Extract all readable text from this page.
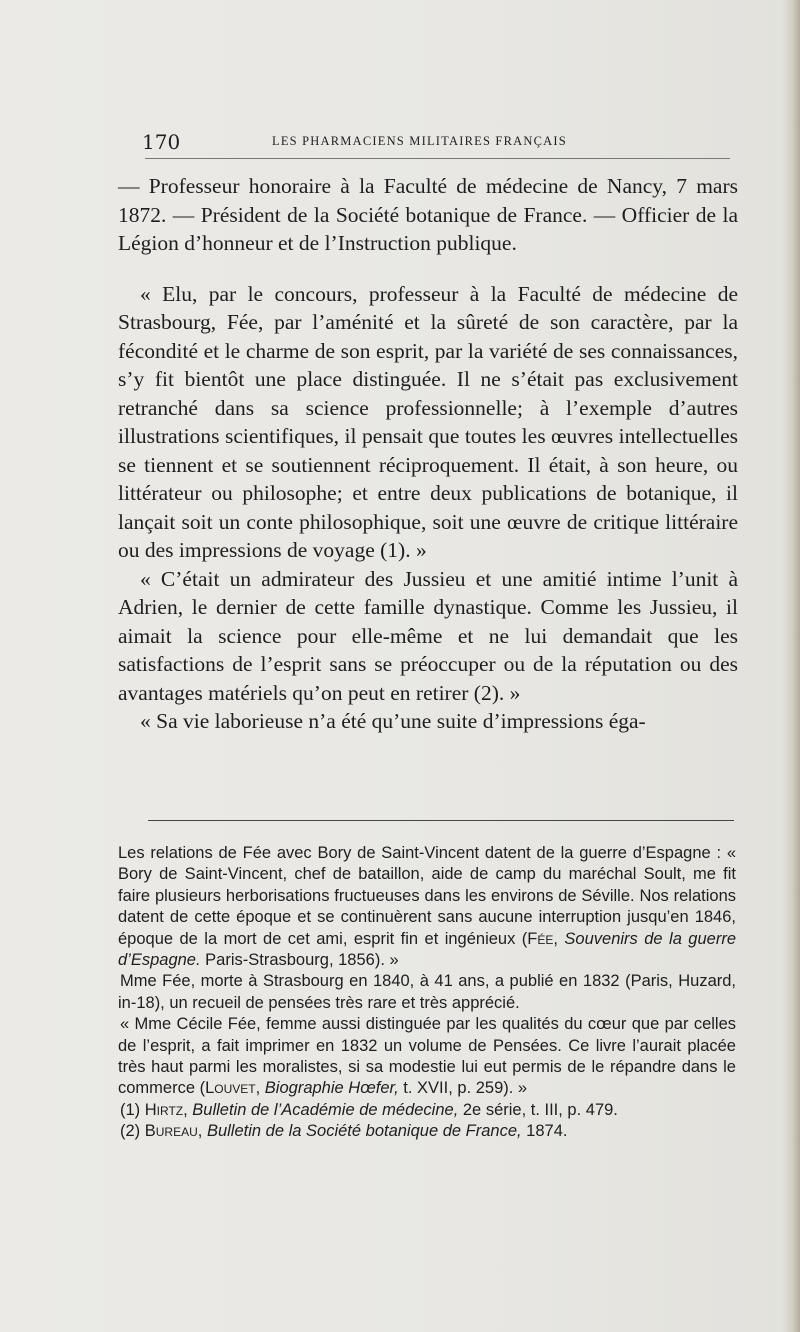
170	LES PHARMACIENS MILITAIRES FRANÇAIS

— Professeur honoraire à la Faculté de médecine de Nancy, 7 mars 1872. — Président de la Société botanique de France. — Officier de la Légion d’honneur et de l’Instruction publique.

« Elu, par le concours, professeur à la Faculté de médecine de Strasbourg, Fée, par l’aménité et la sûreté de son caractère, par la fécondité et le charme de son esprit, par la variété de ses connaissances, s’y fit bientôt une place distinguée. Il ne s’était pas exclusivement retranché dans sa science professionnelle; à l’exemple d’autres illustrations scientifiques, il pensait que toutes les œuvres intellectuelles se tiennent et se soutiennent réciproquement. Il était, à son heure, ou littérateur ou philosophe; et entre deux publications de botanique, il lançait soit un conte philosophique, soit une œuvre de critique littéraire ou des impressions de voyage (1). »

« C’était un admirateur des Jussieu et une amitié intime l’unit à Adrien, le dernier de cette famille dynastique. Comme les Jussieu, il aimait la science pour elle-même et ne lui demandait que les satisfactions de l’esprit sans se préoccuper ou de la réputation ou des avantages matériels qu’on peut en retirer (2). »

« Sa vie laborieuse n’a été qu’une suite d’impressions éga-

Les relations de Fée avec Bory de Saint-Vincent datent de la guerre d’Espagne : « Bory de Saint-Vincent, chef de bataillon, aide de camp du maréchal Soult, me fit faire plusieurs herborisations fructueuses dans les environs de Séville. Nos relations datent de cette époque et se continuèrent sans aucune interruption jusqu’en 1846, époque de la mort de cet ami, esprit fin et ingénieux (Fée, Souvenirs de la guerre d’Espagne. Paris-Strasbourg, 1856). »

Mme Fée, morte à Strasbourg en 1840, à 41 ans, a publié en 1832 (Paris, Huzard, in-18), un recueil de pensées très rare et très apprécié.

« Mme Cécile Fée, femme aussi distinguée par les qualités du cœur que par celles de l’esprit, a fait imprimer en 1832 un volume de Pensées. Ce livre l’aurait placée très haut parmi les moralistes, si sa modestie lui eut permis de le répandre dans le commerce (Louvet, Biographie Hœfer, t. XVII, p. 259). »

(1) Hirtz, Bulletin de l’Académie de médecine, 2e série, t. III, p. 479.

(2) Bureau, Bulletin de la Société botanique de France, 1874.
